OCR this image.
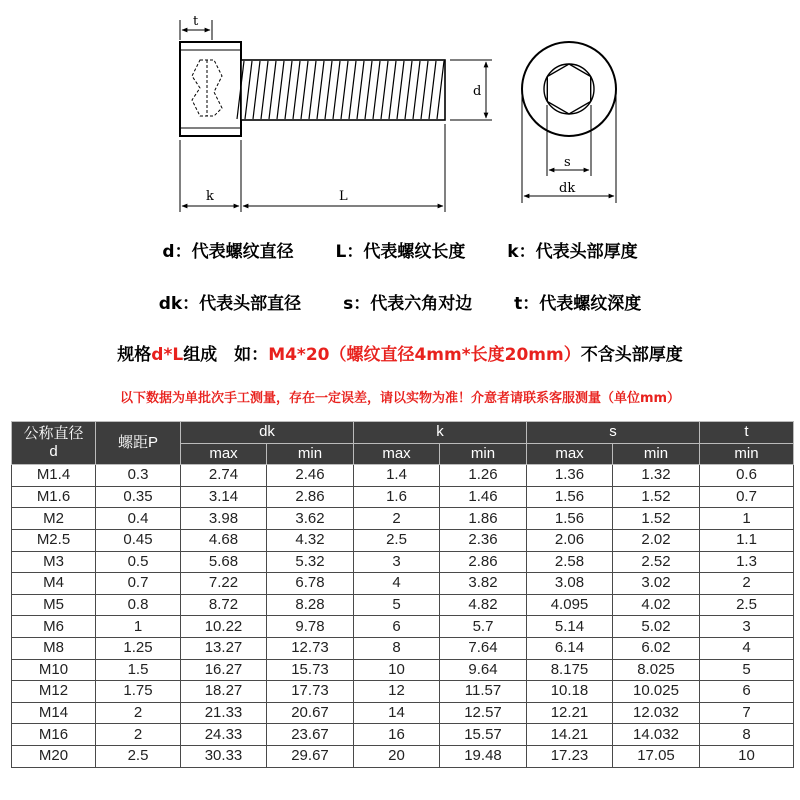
t
d
k	L
s
dk
d：代表螺纹直径 L：代表螺纹长度 k：代表头部厚度
dk：代表头部直径 s：代表六角对边 t：代表螺纹深度
规格d*L组成　如：M4*20（螺纹直径4mm*长度20mm）不含头部厚度
以下数据为单批次手工测量，存在一定误差，请以实物为准！介意者请联系客服测量（单位mm）
公称直径
d	螺距P	dk		k		s		t
		max	min	max	min	max	min	min
M1.4	0.3	2.74	2.46	1.4	1.26	1.36	1.32	0.6
M1.6	0.35	3.14	2.86	1.6	1.46	1.56	1.52	0.7
M2	0.4	3.98	3.62	2	1.86	1.56	1.52	1
M2.5	0.45	4.68	4.32	2.5	2.36	2.06	2.02	1.1
M3	0.5	5.68	5.32	3	2.86	2.58	2.52	1.3
M4	0.7	7.22	6.78	4	3.82	3.08	3.02	2
M5	0.8	8.72	8.28	5	4.82	4.095	4.02	2.5
M6	1	10.22	9.78	6	5.7	5.14	5.02	3
M8	1.25	13.27	12.73	8	7.64	6.14	6.02	4
M10	1.5	16.27	15.73	10	9.64	8.175	8.025	5
M12	1.75	18.27	17.73	12	11.57	10.18	10.025	6
M14	2	21.33	20.67	14	12.57	12.21	12.032	7
M16	2	24.33	23.67	16	15.57	14.21	14.032	8
M20	2.5	30.33	29.67	20	19.48	17.23	17.05	10
